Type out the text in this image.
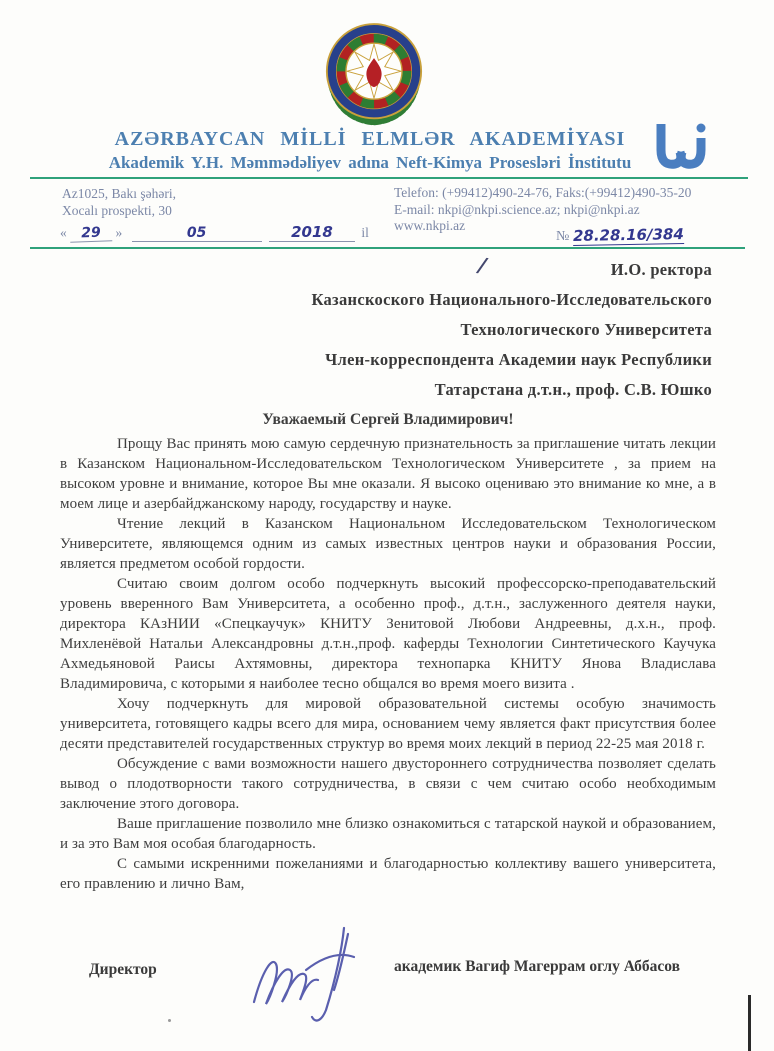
AZƏRBAYCAN MİLLİ ELMLƏR AKADEMİYASI
Akademik Y.H. Məmmədəliyev adına Neft-Kimya Prosesləri İnstitutu
Az1025, Bakı şəhəri,
Xocalı prospekti, 30
Telefon: (+99412)490-24-76, Faks:(+99412)490-35-20
E-mail: nkpi@nkpi.science.az; nkpi@nkpi.az
www.nkpi.az
« 29 »	05	2018 il	№ 28.28.16/384
/	И.О. ректора
Казанскоского Национального-Исследовательского
Технологического Университета
Член-корреспондента Академии наук Республики
Татарстана д.т.н., проф. С.В. Юшко
Уважаемый Сергей Владимирович!

Прощу Вас принять мою самую сердечную признательность за приглашение читать лекции в Казанском Национальном-Исследовательском Технологическом Университете , за прием на высоком уровне и внимание, которое Вы мне оказали. Я высоко оцениваю это внимание ко мне, а в моем лице и азербайджанскому народу, государству и науке.

Чтение лекций в Казанском Национальном Исследовательском Технологическом Университете, являющемся одним из самых известных центров науки и образования России, является предметом особой гордости.

Считаю своим долгом особо подчеркнуть высокий профессорско-преподавательский уровень вверенного Вам Университета, а особенно проф., д.т.н., заслуженного деятеля науки, директора КАзНИИ «Спецкаучук» КНИТУ Зенитовой Любови Андреевны, д.х.н., проф. Михленёвой Натальи Александровны д.т.н.,проф. каферды Технологии Синтетического Каучука Ахмедьяновой Раисы Ахтямовны, директора технопарка КНИТУ Янова Владислава Владимировича, с которыми я наиболее тесно общался во время моего визита .

Хочу подчеркнуть для мировой образовательной системы особую значимость университета, готовящего кадры всего для мира, основанием чему является факт присутствия более десяти представителей государственных структур во время моих лекций в период 22-25 мая 2018 г.

Обсуждение с вами возможности нашего двустороннего сотрудничества позволяет сделать вывод о плодотворности такого сотрудничества, в связи с чем считаю особо необходимым заключение этого договора.

Ваше приглашение позволило мне близко ознакомиться с татарской наукой и образованием, и за это Вам моя особая благодарность.

С самыми искренними пожеланиями и благодарностью коллективу вашего университета, его правлению и лично Вам,

Директор	академик Вагиф Магеррам оглу Аббасов
